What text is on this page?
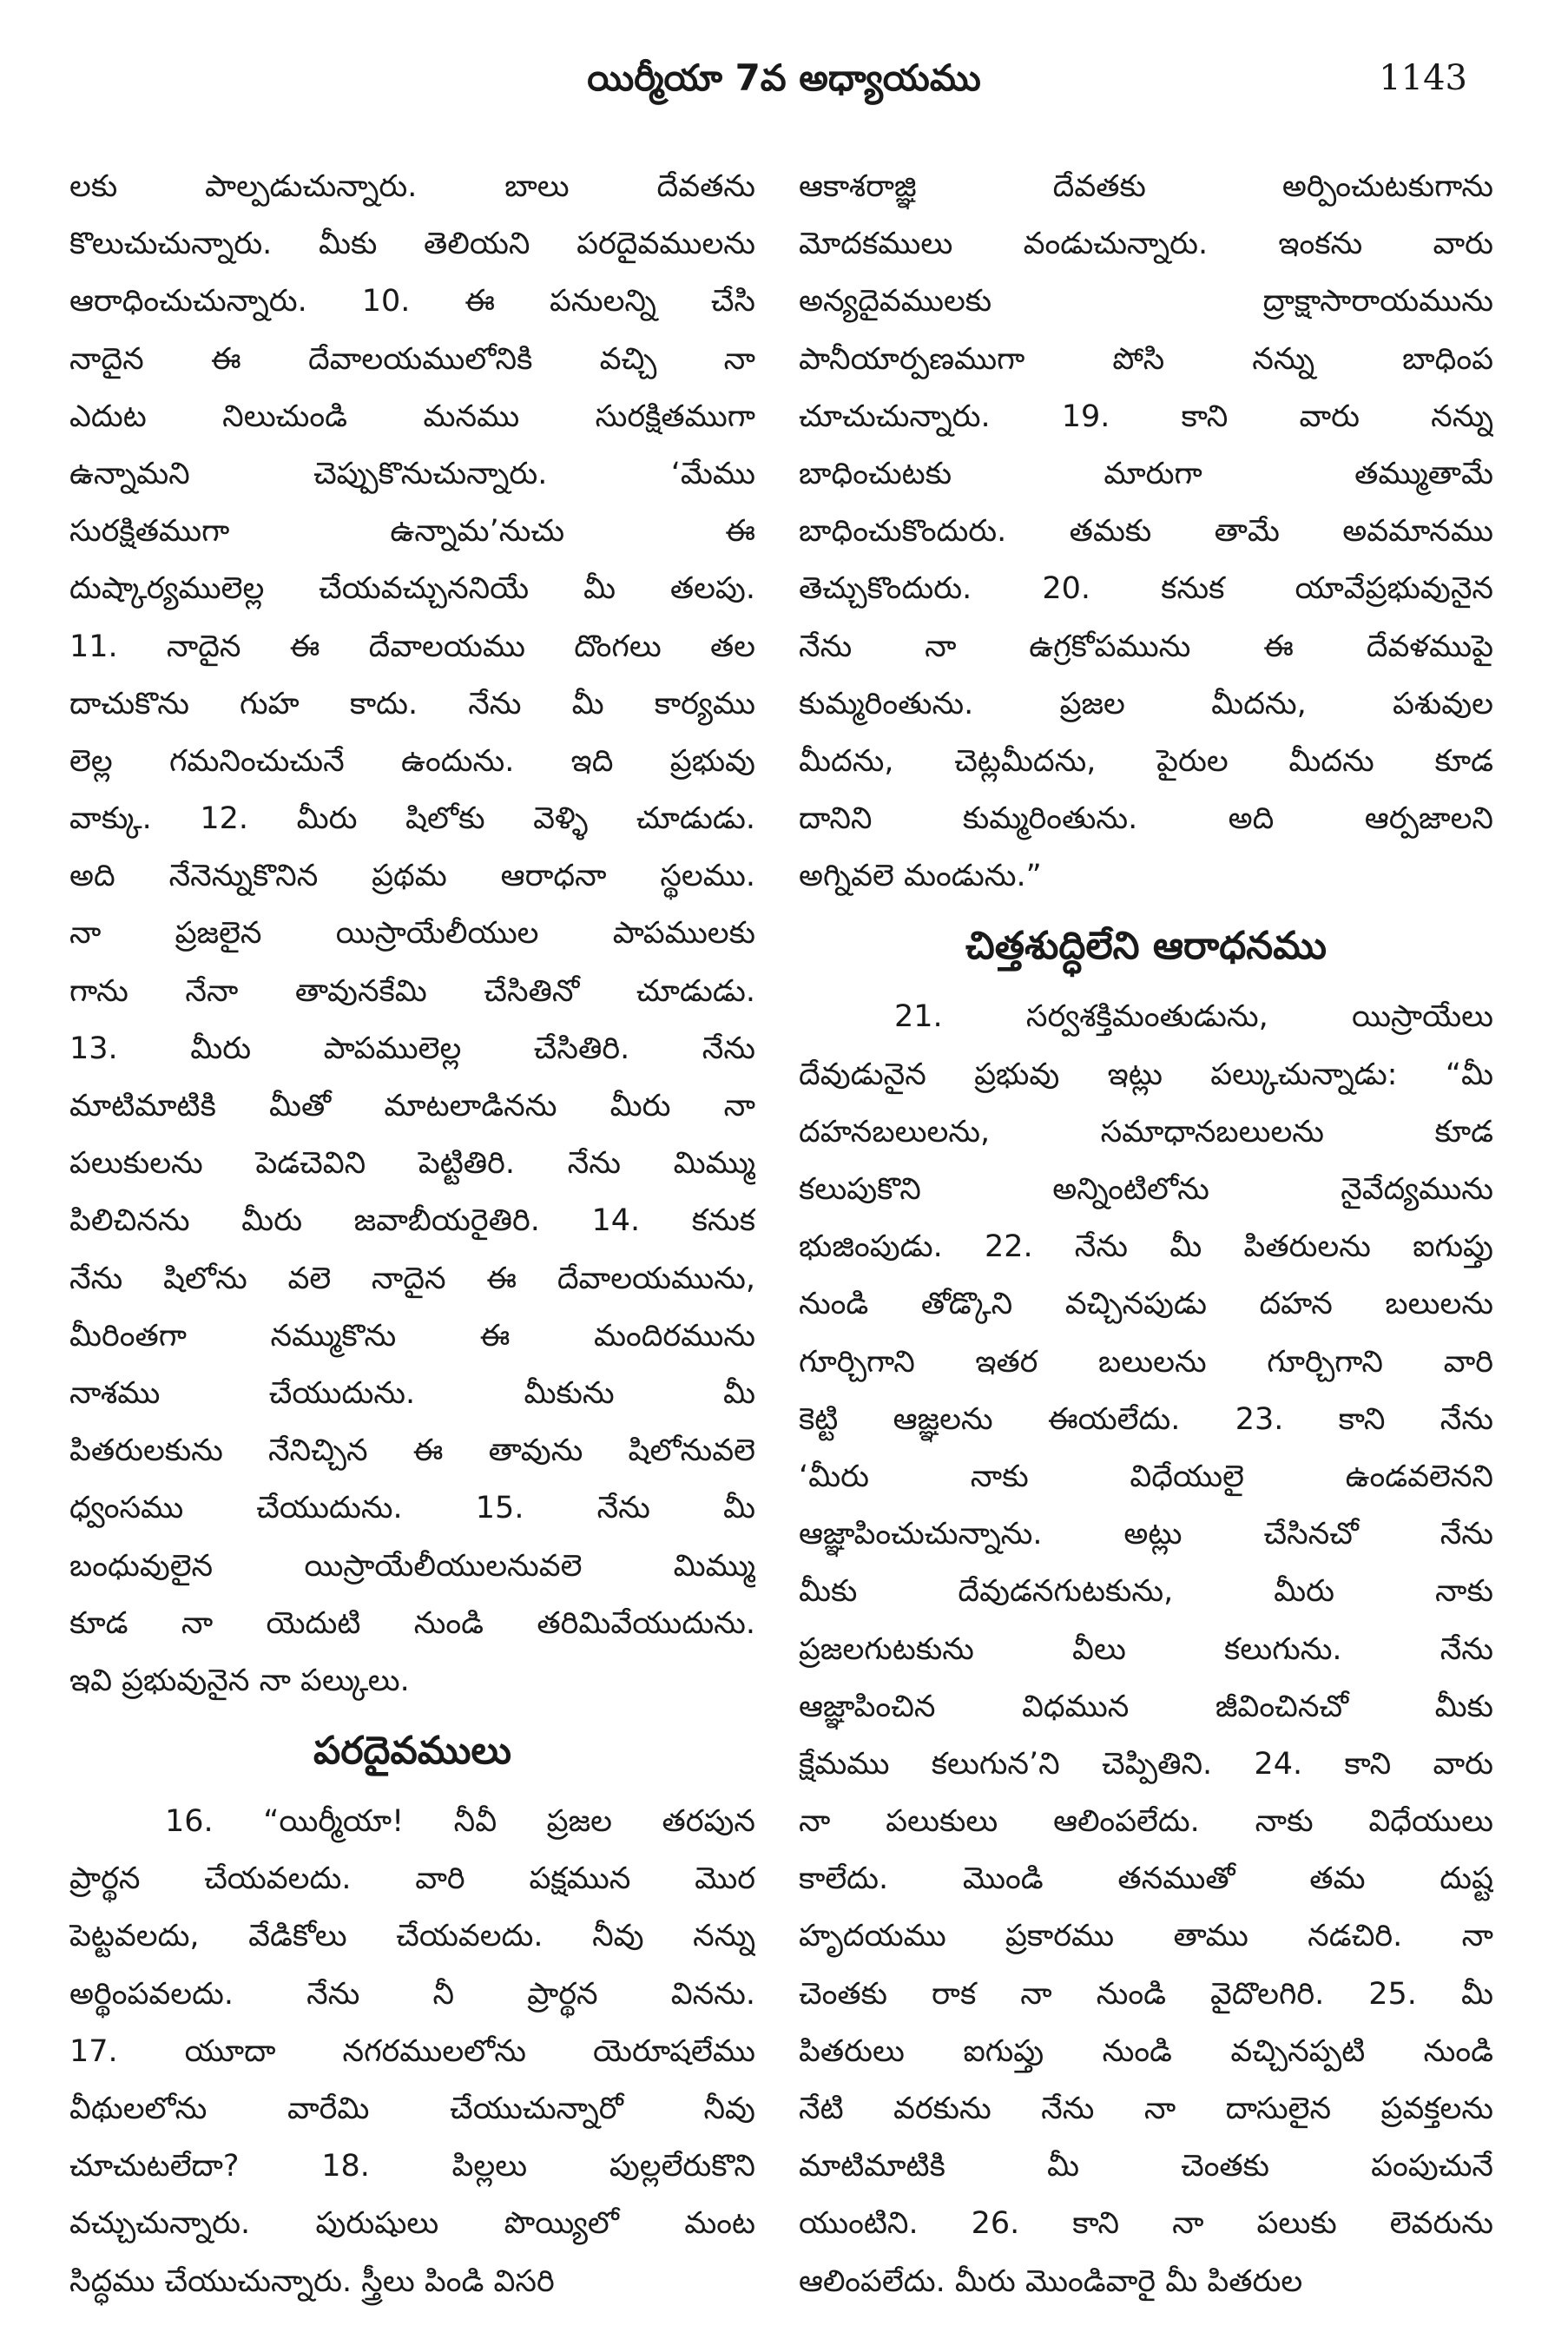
యిర్మీయా 7వ అధ్యాయము	1143
లకు పాల్పడుచున్నారు. బాలు దేవతను
కొలుచుచున్నారు. మీకు తెలియని పరదైవములను
ఆరాధించుచున్నారు. 10. ఈ పనులన్ని చేసి
నాదైన ఈ దేవాలయములోనికి వచ్చి నా
ఎదుట నిలుచుండి మనము సురక్షితముగా
ఉన్నామని చెప్పుకొనుచున్నారు. ‘మేము
సురక్షితముగా ఉన్నామ’నుచు ఈ
దుష్కార్యములెల్ల చేయవచ్చుననియే మీ తలపు.
11. నాదైన ఈ దేవాలయము దొంగలు తల
దాచుకొను గుహ కాదు. నేను మీ కార్యము
లెల్ల గమనించుచునే ఉందును. ఇది ప్రభువు
వాక్కు. 12. మీరు షిలోకు వెళ్ళి చూడుడు.
అది నేనెన్నుకొనిన ప్రథమ ఆరాధనా స్థలము.
నా ప్రజలైన యిస్రాయేలీయుల పాపములకు
గాను నేనా తావునకేమి చేసితినో చూడుడు.
13. మీరు పాపములెల్ల చేసితిరి. నేను
మాటిమాటికి మీతో మాటలాడినను మీరు నా
పలుకులను పెడచెవిని పెట్టితిరి. నేను మిమ్ము
పిలిచినను మీరు జవాబీయరైతిరి. 14. కనుక
నేను షిలోను వలె నాదైన ఈ దేవాలయమును,
మీరింతగా నమ్ముకొను ఈ మందిరమును
నాశము చేయుదును. మీకును మీ
పితరులకును నేనిచ్చిన ఈ తావును షిలోనువలె
ధ్వంసము చేయుదును. 15. నేను మీ
బంధువులైన యిస్రాయేలీయులనువలె మిమ్ము
కూడ నా యెదుటి నుండి తరిమివేయుదును.
ఇవి ప్రభువునైన నా పల్కులు.
పరదైవములు
16. “యిర్మీయా! నీవీ ప్రజల తరపున
ప్రార్థన చేయవలదు. వారి పక్షమున మొర
పెట్టవలదు, వేడికోలు చేయవలదు. నీవు నన్ను
అర్థింపవలదు. నేను నీ ప్రార్థన వినను.
17. యూదా నగరములలోను యెరూషలేము
వీథులలోను వారేమి చేయుచున్నారో నీవు
చూచుటలేదా? 18. పిల్లలు పుల్లలేరుకొని
వచ్చుచున్నారు. పురుషులు పొయ్యిలో మంట
సిద్ధము చేయుచున్నారు. స్త్రీలు పిండి విసరి
ఆకాశరాజ్ఞి దేవతకు అర్పించుటకుగాను
మోదకములు వండుచున్నారు. ఇంకను వారు
అన్యదైవములకు ద్రాక్షాసారాయమును
పానీయార్పణముగా పోసి నన్ను బాధింప
చూచుచున్నారు. 19. కాని వారు నన్ను
బాధించుటకు మారుగా తమ్ముతామే
బాధించుకొందురు. తమకు తామే అవమానము
తెచ్చుకొందురు. 20. కనుక యావేప్రభువునైన
నేను నా ఉగ్రకోపమును ఈ దేవళముపై
కుమ్మరింతును. ప్రజల మీదను, పశువుల
మీదను, చెట్లమీదను, పైరుల మీదను కూడ
దానిని కుమ్మరింతును. అది ఆర్పజాలని
అగ్నివలె మండును.”
చిత్తశుద్ధిలేని ఆరాధనము
21. సర్వశక్తిమంతుడును, యిస్రాయేలు
దేవుడునైన ప్రభువు ఇట్లు పల్కుచున్నాడు: “మీ
దహనబలులను, సమాధానబలులను కూడ
కలుపుకొని అన్నింటిలోను నైవేద్యమును
భుజింపుడు. 22. నేను మీ పితరులను ఐగుప్తు
నుండి తోడ్కొని వచ్చినపుడు దహన బలులను
గూర్చిగాని ఇతర బలులను గూర్చిగాని వారి
కెట్టి ఆజ్ఞలను ఈయలేదు. 23. కాని నేను
‘మీరు నాకు విధేయులై ఉండవలెనని
ఆజ్ఞాపించుచున్నాను. అట్లు చేసినచో నేను
మీకు దేవుడనగుటకును, మీరు నాకు
ప్రజలగుటకును వీలు కలుగును. నేను
ఆజ్ఞాపించిన విధమున జీవించినచో మీకు
క్షేమము కలుగున’ని చెప్పితిని. 24. కాని వారు
నా పలుకులు ఆలింపలేదు. నాకు విధేయులు
కాలేదు. మొండి తనముతో తమ దుష్ట
హృదయము ప్రకారము తాము నడచిరి. నా
చెంతకు రాక నా నుండి వైదొలగిరి. 25. మీ
పితరులు ఐగుప్తు నుండి వచ్చినప్పటి నుండి
నేటి వరకును నేను నా దాసులైన ప్రవక్తలను
మాటిమాటికి మీ చెంతకు పంపుచునే
యుంటిని. 26. కాని నా పలుకు లెవరును
ఆలింపలేదు. మీరు మొండివారై మీ పితరుల
